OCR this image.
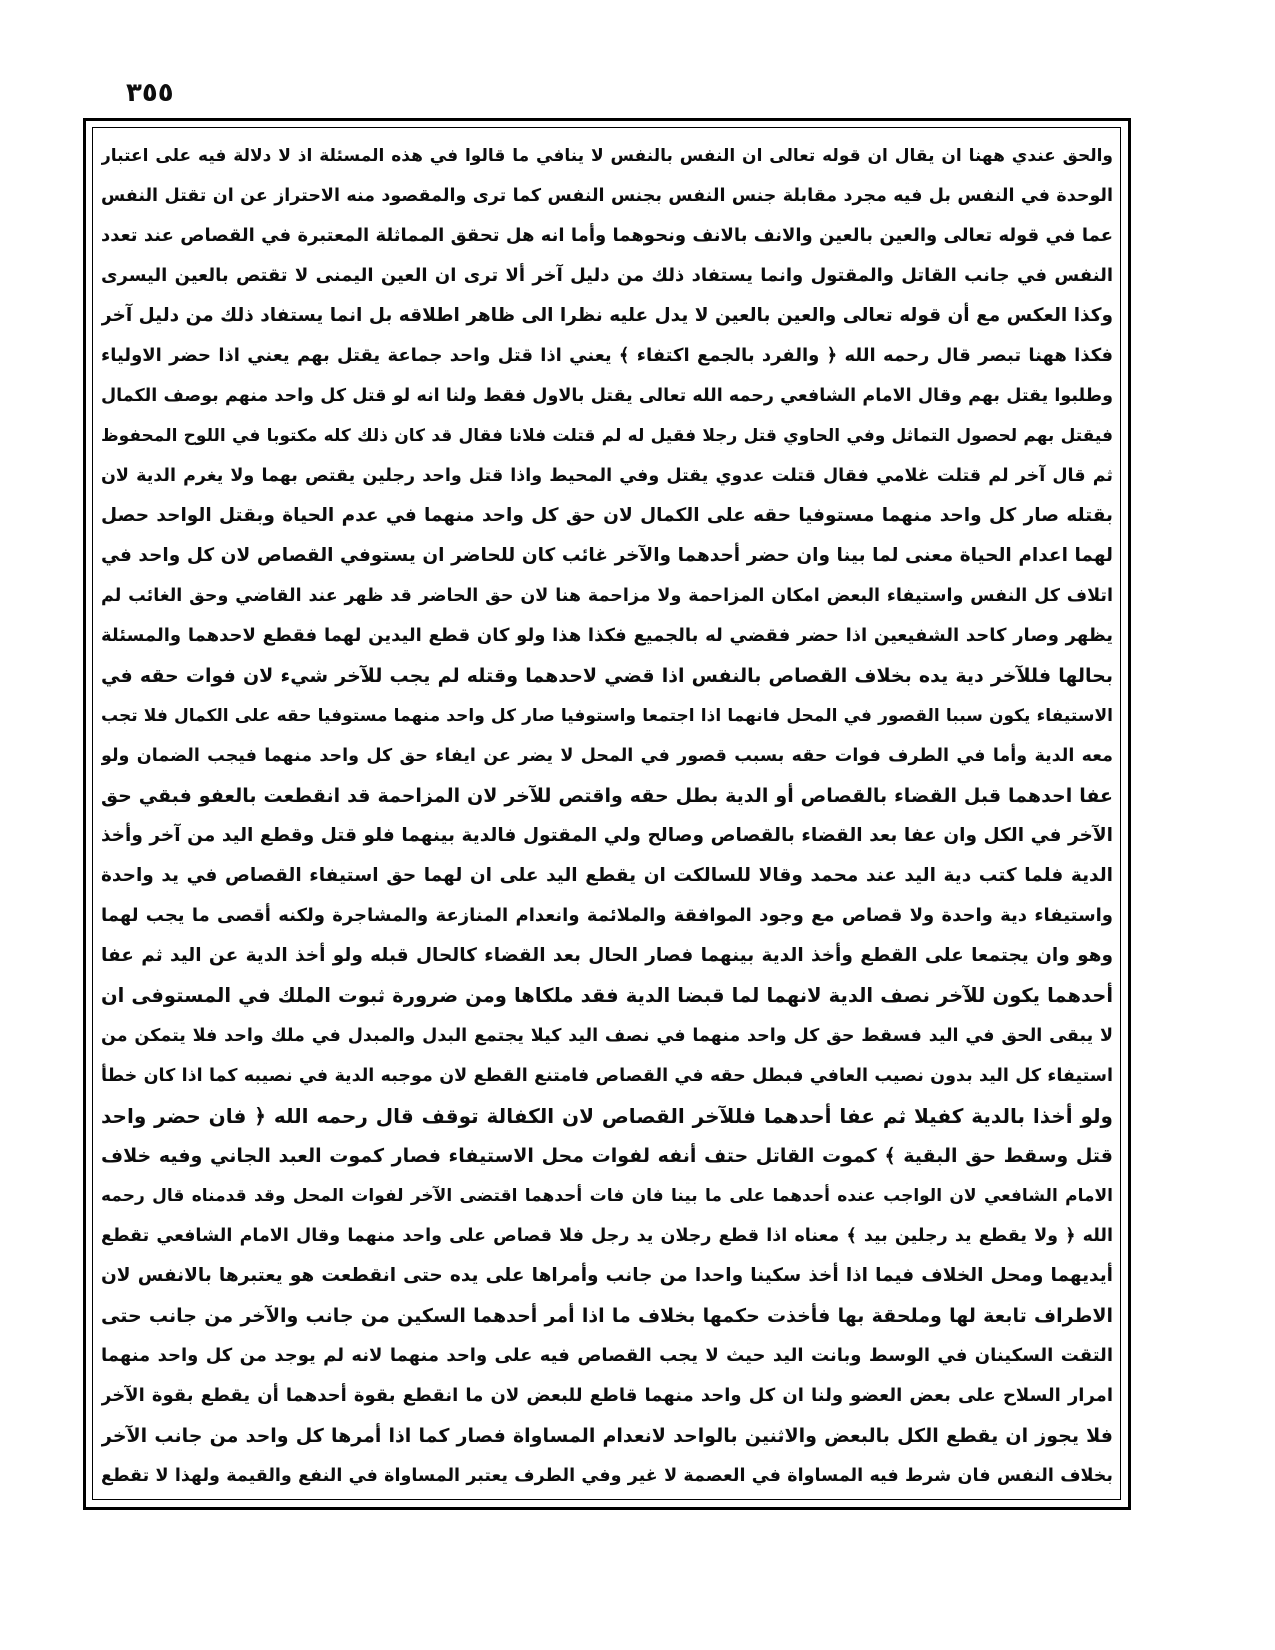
٣٥٥
والحق عندي ههنا ان يقال ان قوله تعالى ان النفس بالنفس لا ينافي ما قالوا في هذه المسئلة اذ لا دلالة فيه على اعتبار
الوحدة في النفس بل فيه مجرد مقابلة جنس النفس بجنس النفس كما ترى والمقصود منه الاحتراز عن ان تقتل النفس
عما في قوله تعالى والعين بالعين والانف بالانف ونحوهما وأما انه هل تحقق المماثلة المعتبرة في القصاص عند تعدد
النفس في جانب القاتل والمقتول وانما يستفاد ذلك من دليل آخر ألا ترى ان العين اليمنى لا تقتص بالعين اليسرى
وكذا العكس مع أن قوله تعالى والعين بالعين لا يدل عليه نظرا الى ظاهر اطلاقه بل انما يستفاد ذلك من دليل آخر
فكذا ههنا تبصر قال رحمه الله ﴿ والفرد بالجمع اكتفاء ﴾ يعني اذا قتل واحد جماعة يقتل بهم يعني اذا حضر الاولياء
وطلبوا يقتل بهم وقال الامام الشافعي رحمه الله تعالى يقتل بالاول فقط ولنا انه لو قتل كل واحد منهم بوصف الكمال
فيقتل بهم لحصول التماثل وفي الحاوي قتل رجلا فقيل له لم قتلت فلانا فقال قد كان ذلك كله مكتوبا في اللوح المحفوظ
ثم قال آخر لم قتلت غلامي فقال قتلت عدوي يقتل وفي المحيط واذا قتل واحد رجلين يقتص بهما ولا يغرم الدية لان
بقتله صار كل واحد منهما مستوفيا حقه على الكمال لان حق كل واحد منهما في عدم الحياة وبقتل الواحد حصل
لهما اعدام الحياة معنى لما بينا وان حضر أحدهما والآخر غائب كان للحاضر ان يستوفي القصاص لان كل واحد في
اتلاف كل النفس واستيفاء البعض امكان المزاحمة ولا مزاحمة هنا لان حق الحاضر قد ظهر عند القاضي وحق الغائب لم
يظهر وصار كاحد الشفيعين اذا حضر فقضي له بالجميع فكذا هذا ولو كان قطع اليدين لهما فقطع لاحدهما والمسئلة
بحالها فللآخر دية يده بخلاف القصاص بالنفس اذا قضي لاحدهما وقتله لم يجب للآخر شيء لان فوات حقه في
الاستيفاء يكون سببا القصور في المحل فانهما اذا اجتمعا واستوفيا صار كل واحد منهما مستوفيا حقه على الكمال فلا تجب
معه الدية وأما في الطرف فوات حقه بسبب قصور في المحل لا يضر عن ايفاء حق كل واحد منهما فيجب الضمان ولو
عفا احدهما قبل القضاء بالقصاص أو الدية بطل حقه واقتص للآخر لان المزاحمة قد انقطعت بالعفو فبقي حق
الآخر في الكل وان عفا بعد القضاء بالقصاص وصالح ولي المقتول فالدية بينهما فلو قتل وقطع اليد من آخر وأخذ
الدية فلما كتب دية اليد عند محمد وقالا للسالكت ان يقطع اليد على ان لهما حق استيفاء القصاص في يد واحدة
واستيفاء دية واحدة ولا قصاص مع وجود الموافقة والملائمة وانعدام المنازعة والمشاجرة ولكنه أقصى ما يجب لهما
وهو وان يجتمعا على القطع وأخذ الدية بينهما فصار الحال بعد القضاء كالحال قبله ولو أخذ الدية عن اليد ثم عفا
أحدهما يكون للآخر نصف الدية لانهما لما قبضا الدية فقد ملكاها ومن ضرورة ثبوت الملك في المستوفى ان
لا يبقى الحق في اليد فسقط حق كل واحد منهما في نصف اليد كيلا يجتمع البدل والمبدل في ملك واحد فلا يتمكن من
استيفاء كل اليد بدون نصيب العافي فبطل حقه في القصاص فامتنع القطع لان موجبه الدية في نصيبه كما اذا كان خطأ
ولو أخذا بالدية كفيلا ثم عفا أحدهما فللآخر القصاص لان الكفالة توقف قال رحمه الله ﴿ فان حضر واحد
قتل وسقط حق البقية ﴾ كموت القاتل حتف أنفه لفوات محل الاستيفاء فصار كموت العبد الجاني وفيه خلاف
الامام الشافعي لان الواجب عنده أحدهما على ما بينا فان فات أحدهما اقتضى الآخر لفوات المحل وقد قدمناه قال رحمه
الله ﴿ ولا يقطع يد رجلين بيد ﴾ معناه اذا قطع رجلان يد رجل فلا قصاص على واحد منهما وقال الامام الشافعي تقطع
أيديهما ومحل الخلاف فيما اذا أخذ سكينا واحدا من جانب وأمراها على يده حتى انقطعت هو يعتبرها بالانفس لان
الاطراف تابعة لها وملحقة بها فأخذت حكمها بخلاف ما اذا أمر أحدهما السكين من جانب والآخر من جانب حتى
التقت السكينان في الوسط وبانت اليد حيث لا يجب القصاص فيه على واحد منهما لانه لم يوجد من كل واحد منهما
امرار السلاح على بعض العضو ولنا ان كل واحد منهما قاطع للبعض لان ما انقطع بقوة أحدهما أن يقطع بقوة الآخر
فلا يجوز ان يقطع الكل بالبعض والاثنين بالواحد لانعدام المساواة فصار كما اذا أمرها كل واحد من جانب الآخر
بخلاف النفس فان شرط فيه المساواة في العصمة لا غير وفي الطرف يعتبر المساواة في النفع والقيمة ولهذا لا تقطع
